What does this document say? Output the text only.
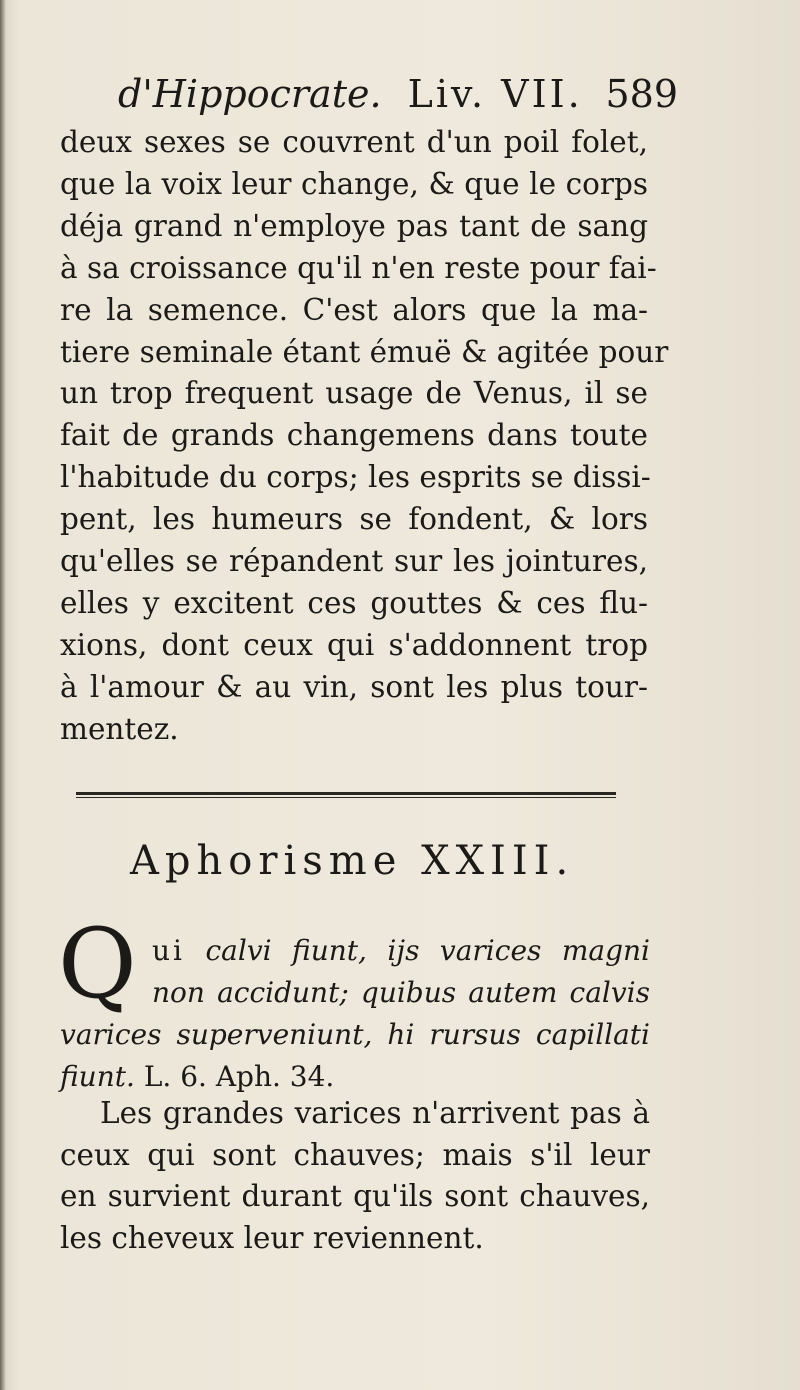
d'Hippocrate. Liv. VII. 589
deux sexes se couvrent d'un poil folet,
que la voix leur change, & que le corps
déja grand n'employe pas tant de sang
à sa croissance qu'il n'en reste pour fai-
re la semence. C'est alors que la ma-
tiere seminale étant émuë & agitée pour
un trop frequent usage de Venus, il se
fait de grands changemens dans toute
l'habitude du corps; les esprits se dissi-
pent, les humeurs se fondent, & lors
qu'elles se répandent sur les jointures,
elles y excitent ces gouttes & ces flu-
xions, dont ceux qui s'addonnent trop
à l'amour & au vin, sont les plus tour-
mentez.
Aphorisme XXIII.
Q ui calvi fiunt, ijs varices magni
non accidunt; quibus autem calvis
varices superveniunt, hi rursus capillati
fiunt. L. 6. Aph. 34.
Les grandes varices n'arrivent pas à
ceux qui sont chauves; mais s'il leur
en survient durant qu'ils sont chauves,
les cheveux leur reviennent.
